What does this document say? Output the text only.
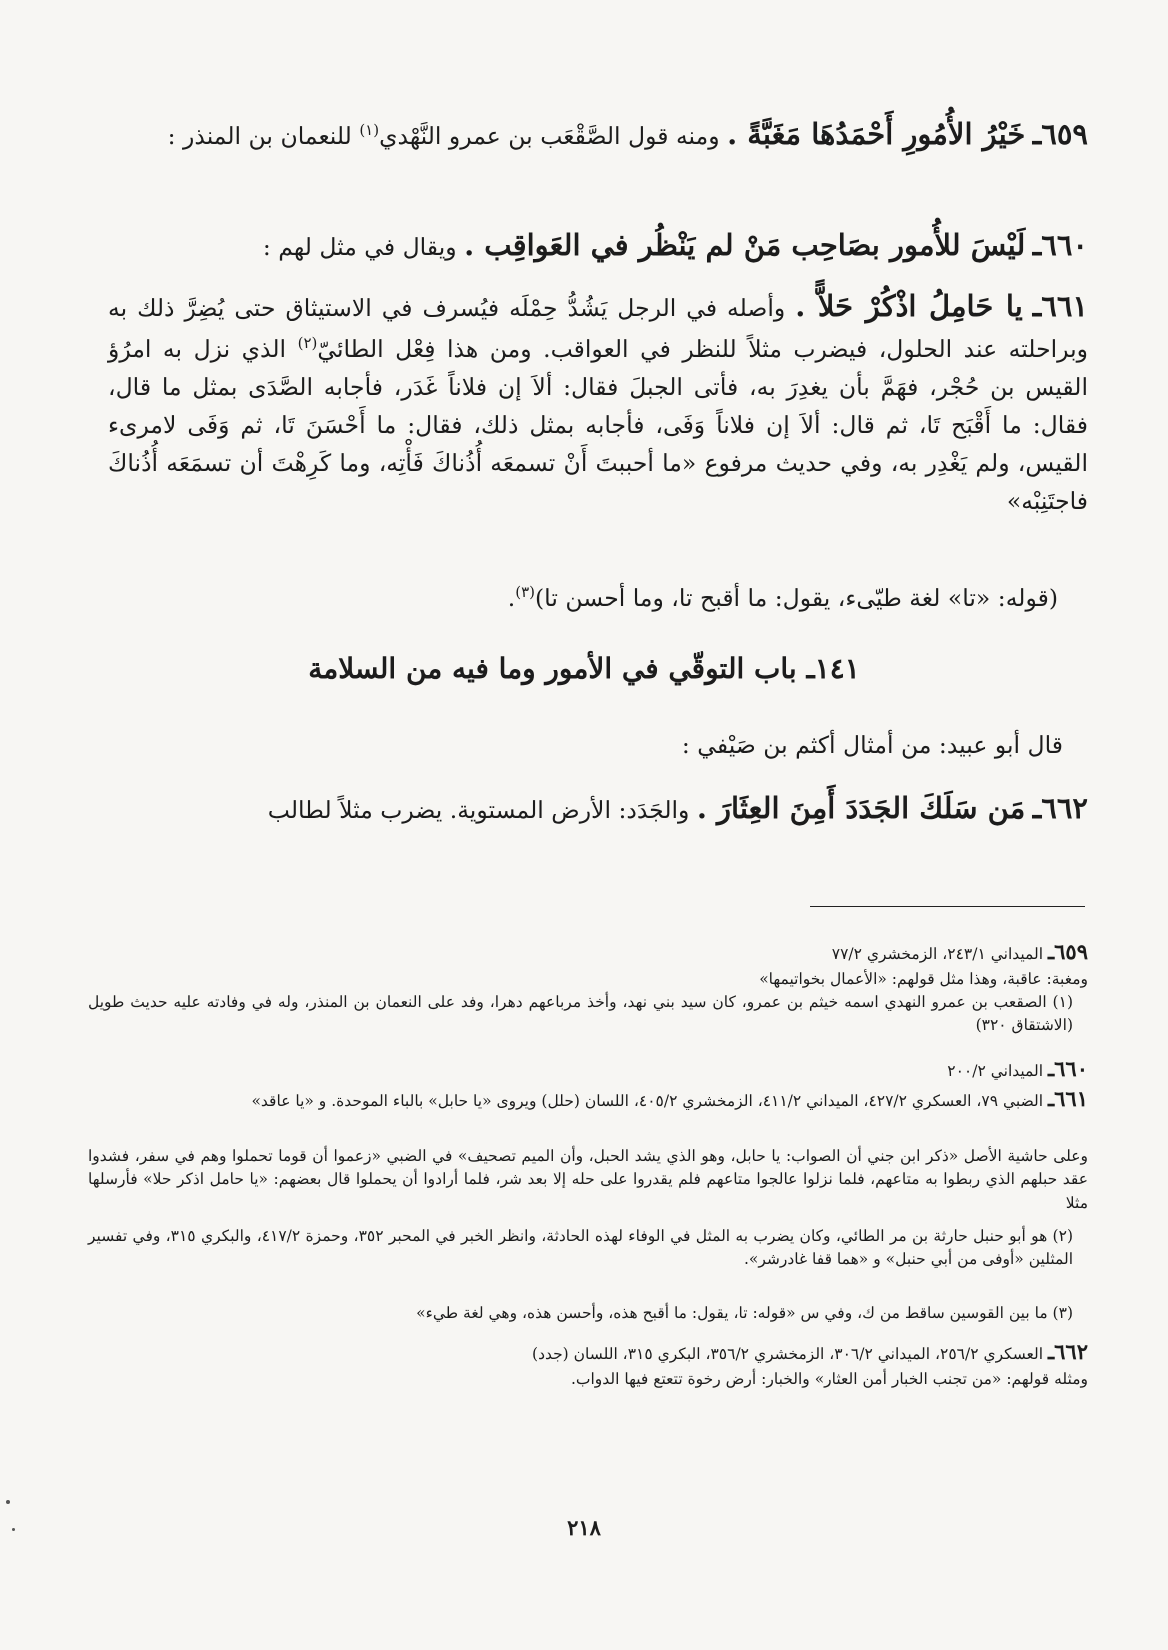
٦٥٩ـ خَيْرُ الأُمُورِ أَحْمَدُهَا مَغَبَّةً . ومنه قول الصَّقْعَب بن عمرو النَّهْدي$^{(١)}$ للنعمان بن المنذر :
٦٦٠ـ لَيْسَ للأُمور بصَاحِب مَنْ لم يَنْظُر في العَواقِب . ويقال في مثل لهم :
٦٦١ـ يا حَامِلُ اذْكُرْ حَلاًّ . وأصله في الرجل يَشُدُّ حِمْلَه فيُسرف في الاستيثاق حتى يُضِرَّ ذلك به وبراحلته عند الحلول، فيضرب مثلاً للنظر في العواقب. ومن هذا فِعْل الطائيّ$^{(٢)}$ الذي نزل به امرُؤ القيس بن حُجْر، فهَمَّ بأن يغدِرَ به، فأتى الجبلَ فقال: ألاَ إن فلاناً غَدَر، فأجابه الصَّدَى بمثل ما قال، فقال: ما أَقْبَح تَا، ثم قال: ألاَ إن فلاناً وَفَى، فأجابه بمثل ذلك، فقال: ما أَحْسَنَ تَا، ثم وَفَى لامرىء القيس، ولم يَغْدِر به، وفي حديث مرفوع «ما أحببتَ أَنْ تسمعَه أُذُناكَ فَأْتِه، وما كَرِهْتَ أن تسمَعَه أُذُناكَ فاجتَنِبْه»
(قوله: «تا» لغة طيّىء، يقول: ما أقبح تا، وما أحسن تا)$^{(٣)}$.
١٤١ـ باب التوقّي في الأمور وما فيه من السلامة
قال أبو عبيد: من أمثال أكثم بن صَيْفي :
٦٦٢ـ مَن سَلَكَ الجَدَدَ أَمِنَ العِثَارَ . والجَدَد: الأرض المستوية. يضرب مثلاً لطالب
٦٥٩ـ الميداني ٢٤٣/١، الزمخشري ٧٧/٢
ومغبة: عاقبة، وهذا مثل قولهم: «الأعمال بخواتيمها»
(١) الصقعب بن عمرو النهدي اسمه خيثم بن عمرو، كان سيد بني نهد، وأخذ مرباعهم دهرا، وفد على النعمان بن المنذر، وله في وفادته عليه حديث طويل (الاشتقاق ٣٢٠)
٦٦٠ـ الميداني ٢٠٠/٢
٦٦١ـ الضبي ٧٩، العسكري ٤٢٧/٢، الميداني ٤١١/٢، الزمخشري ٤٠٥/٢، اللسان (حلل) ويروى «يا حابل» بالباء الموحدة. و «يا عاقد»
وعلى حاشية الأصل «ذكر ابن جني أن الصواب: يا حابل، وهو الذي يشد الحبل، وأن الميم تصحيف» في الضبي «زعموا أن قوما تحملوا وهم في سفر، فشدوا عقد حبلهم الذي ربطوا به متاعهم، فلما نزلوا عالجوا متاعهم فلم يقدروا على حله إلا بعد شر، فلما أرادوا أن يحملوا قال بعضهم: «يا حامل اذكر حلا» فأرسلها مثلا
(٢) هو أبو حنبل حارثة بن مر الطائي، وكان يضرب به المثل في الوفاء لهذه الحادثة، وانظر الخبر في المحبر ٣٥٢، وحمزة ٤١٧/٢، والبكري ٣١٥، وفي تفسير المثلين «أوفى من أبي حنبل» و «هما قفا غادرشر».
(٣) ما بين القوسين ساقط من ك، وفي س «قوله: تا، يقول: ما أقبح هذه، وأحسن هذه، وهي لغة طيء»
٦٦٢ـ العسكري ٢٥٦/٢، الميداني ٣٠٦/٢، الزمخشري ٣٥٦/٢، البكري ٣١٥، اللسان (جدد)
ومثله قولهم: «من تجنب الخبار أمن العثار» والخبار: أرض رخوة تتعتع فيها الدواب.
٢١٨
